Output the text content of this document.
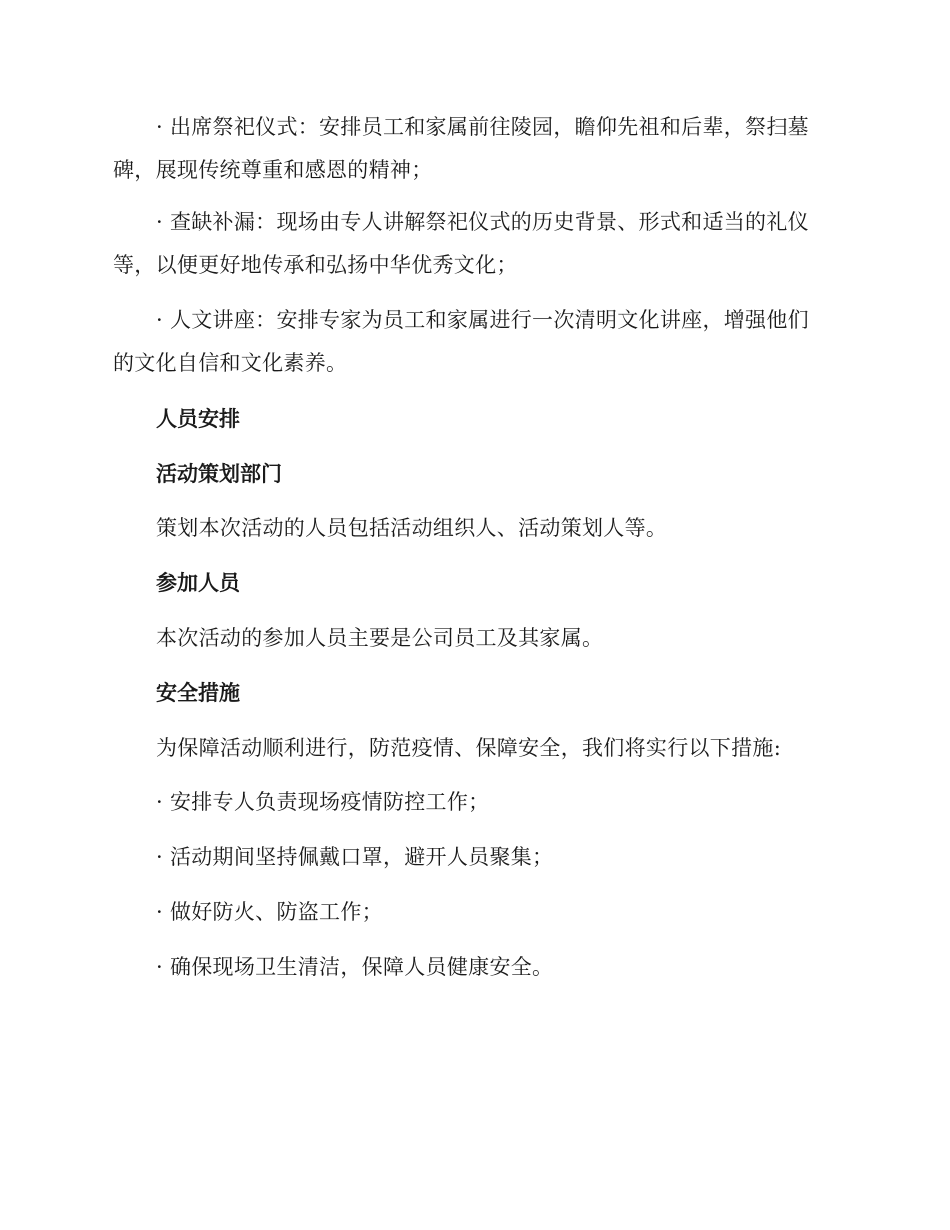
· 出席祭祀仪式：安排员工和家属前往陵园，瞻仰先祖和后辈，祭扫墓碑，展现传统尊重和感恩的精神；

· 查缺补漏：现场由专人讲解祭祀仪式的历史背景、形式和适当的礼仪等，以便更好地传承和弘扬中华优秀文化；

· 人文讲座：安排专家为员工和家属进行一次清明文化讲座，增强他们的文化自信和文化素养。

人员安排
活动策划部门

策划本次活动的人员包括活动组织人、活动策划人等。

参加人员

本次活动的参加人员主要是公司员工及其家属。

安全措施

为保障活动顺利进行，防范疫情、保障安全，我们将实行以下措施:

· 安排专人负责现场疫情防控工作；

· 活动期间坚持佩戴口罩，避开人员聚集；

· 做好防火、防盗工作；

· 确保现场卫生清洁，保障人员健康安全。
